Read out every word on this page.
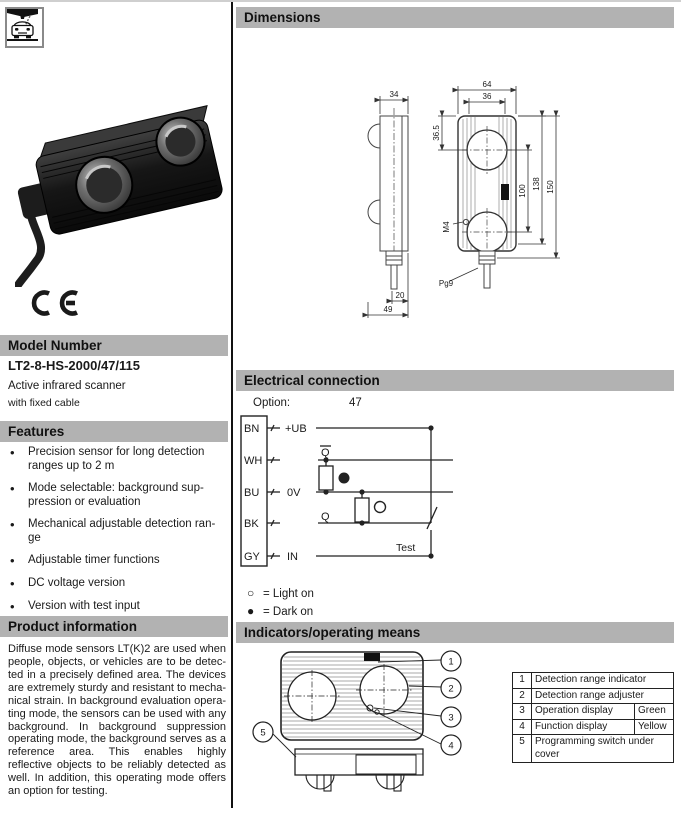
Model Number
LT2-8-HS-2000/47/115
Active infrared scanner
with fixed cable
Features
• Precision sensor for long detection ranges up to 2 m
• Mode selectable: background suppression or evaluation
• Mechanical adjustable detection range
• Adjustable timer functions
• DC voltage version
• Version with test input
Product information
Diffuse mode sensors LT(K)2 are used when people, objects, or vehicles are to be detected in a precisely defined area. The devices are extremely sturdy and resistant to mechanical strain. In background evaluation operating mode, the sensors can be used with any background. In background suppression operating mode, the background serves as a reference area. This enables highly reflective objects to be reliably detected as well. In addition, this operating mode offers an option for testing.
Dimensions
34
20
49
64
36
36.5
100
138 150
M4
Pg9
Electrical connection
Option:	47
BN
WH
BU
BK
GY
+UB
0V
IN
Q
Q
Test
○ = Light on
● = Dark on
Indicators/operating means
1
2
3
4
5
1	Detection range indicator	
2	Detection range adjuster	
3	Operation display	Green
4	Function display	Yellow
5	Programming switch under cover	
